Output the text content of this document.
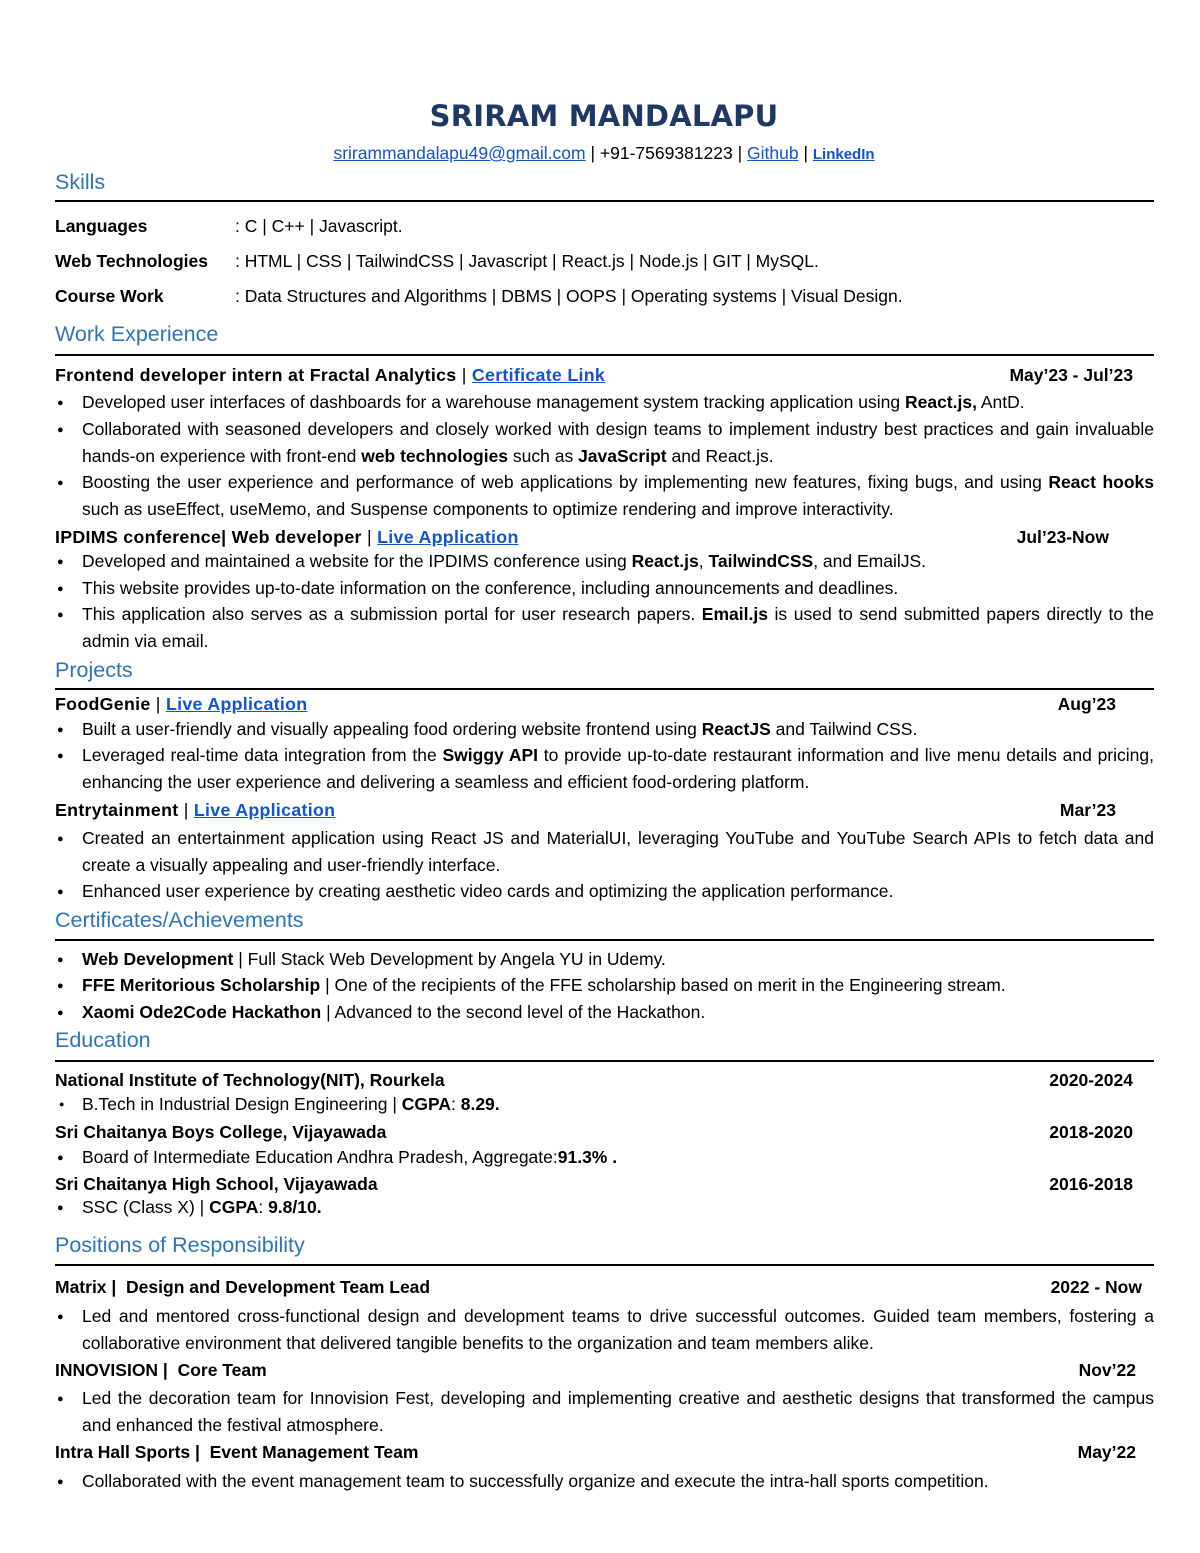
SRIRAM MANDALAPU
srirammandalapu49@gmail.com | +91-7569381223 | Github | LinkedIn
Skills
Languages	: C | C++ | Javascript.
Web Technologies : HTML | CSS | TailwindCSS | Javascript | React.js | Node.js | GIT | MySQL.
Course Work	: Data Structures and Algorithms | DBMS | OOPS | Operating systems | Visual Design.
Work Experience
Frontend developer intern at Fractal Analytics | Certificate Link	May’23 - Jul’23
● Developed user interfaces of dashboards for a warehouse management system tracking application using React.js, AntD.
● Collaborated with seasoned developers and closely worked with design teams to implement industry best practices and gain invaluable hands-on experience with front-end web technologies such as JavaScript and React.js.
● Boosting the user experience and performance of web applications by implementing new features, fixing bugs, and using React hooks such as useEffect, useMemo, and Suspense components to optimize rendering and improve interactivity.
IPDIMS conference| Web developer | Live Application	Jul’23-Now
● Developed and maintained a website for the IPDIMS conference using React.js, TailwindCSS, and EmailJS.
● This website provides up-to-date information on the conference, including announcements and deadlines.
● This application also serves as a submission portal for user research papers. Email.js is used to send submitted papers directly to the admin via email.
Projects
FoodGenie | Live Application	Aug’23
● Built a user-friendly and visually appealing food ordering website frontend using ReactJS and Tailwind CSS.
● Leveraged real-time data integration from the Swiggy API to provide up-to-date restaurant information and live menu details and pricing, enhancing the user experience and delivering a seamless and efficient food-ordering platform.
Entrytainment | Live Application	Mar’23
● Created an entertainment application using React JS and MaterialUI, leveraging YouTube and YouTube Search APIs to fetch data and create a visually appealing and user-friendly interface.
● Enhanced user experience by creating aesthetic video cards and optimizing the application performance.
Certificates/Achievements
● Web Development | Full Stack Web Development by Angela YU in Udemy.
● FFE Meritorious Scholarship | One of the recipients of the FFE scholarship based on merit in the Engineering stream.
● Xaomi Ode2Code Hackathon | Advanced to the second level of the Hackathon.
Education
National Institute of Technology(NIT), Rourkela	2020-2024
● B.Tech in Industrial Design Engineering | CGPA: 8.29.
Sri Chaitanya Boys College, Vijayawada	2018-2020
● Board of Intermediate Education Andhra Pradesh, Aggregate:91.3% .
Sri Chaitanya High School, Vijayawada	2016-2018
● SSC (Class X) | CGPA: 9.8/10.
Positions of Responsibility
Matrix | Design and Development Team Lead	2022 - Now
● Led and mentored cross-functional design and development teams to drive successful outcomes. Guided team members, fostering a collaborative environment that delivered tangible benefits to the organization and team members alike.
INNOVISION | Core Team	Nov’22
● Led the decoration team for Innovision Fest, developing and implementing creative and aesthetic designs that transformed the campus and enhanced the festival atmosphere.
Intra Hall Sports | Event Management Team	May’22
● Collaborated with the event management team to successfully organize and execute the intra-hall sports competition.
